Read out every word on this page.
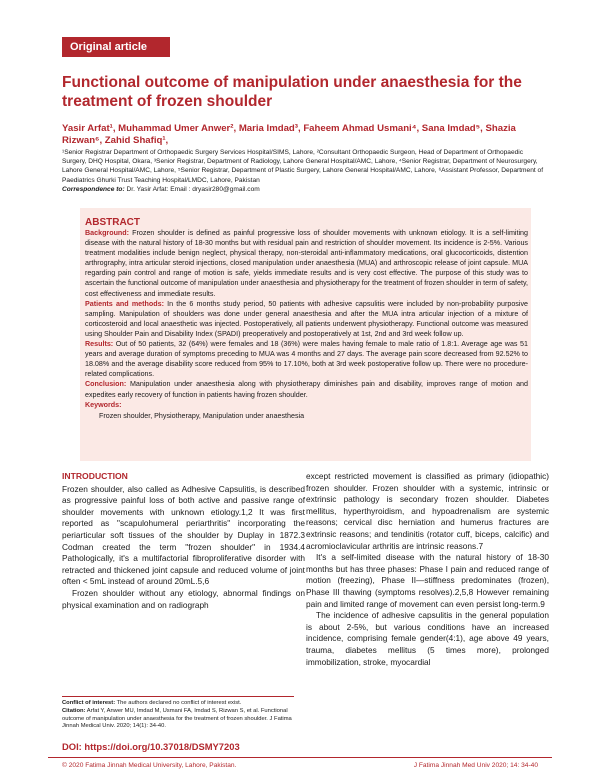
Original article
Functional outcome of manipulation under anaesthesia for the treatment of frozen shoulder
Yasir Arfat¹, Muhammad Umer Anwer², Maria Imdad³, Faheem Ahmad Usmani⁴, Sana Imdad⁵, Shazia Rizwan⁶, Zahid Shafiq¹,
¹Senior Registrar Department of Orthopaedic Surgery Services Hospital/SIMS, Lahore, ²Consultant Orthopaedic Surgeon, Head of Department of Orthopaedic Surgery, DHQ Hospital, Okara, ³Senior Registrar, Department of Radiology, Lahore General Hospital/AMC, Lahore, ⁴Senior Registrar, Department of Neurosurgery, Lahore General Hospital/AMC, Lahore, ⁵Senior Registrar, Department of Plastic Surgery, Lahore General Hospital/AMC, Lahore, ⁶Assistant Professor, Department of Paediatrics Ghurki Trust Teaching Hospital/LMDC, Lahore, Pakistan
Correspondence to: Dr. Yasir Arfat: Email : dryasir280@gmail.com
ABSTRACT

Background: Frozen shoulder is defined as painful progressive loss of shoulder movements with unknown etiology. It is a self-limiting disease with the natural history of 18-30 months but with residual pain and restriction of shoulder movement. Its incidence is 2-5%. Various treatment modalities include benign neglect, physical therapy, non-steroidal anti-inflammatory medications, oral glucocorticoids, distention arthrography, intra articular steroid injections, closed manipulation under anaesthesia (MUA) and arthroscopic release of joint capsule. MUA regarding pain control and range of motion is safe, yields immediate results and is very cost effective. The purpose of this study was to ascertain the functional outcome of manipulation under anaesthesia and physiotherapy for the treatment of frozen shoulder in term of safety, cost effectiveness and immediate results.

Patients and methods: In the 6 months study period, 50 patients with adhesive capsulitis were included by non-probability purposive sampling. Manipulation of shoulders was done under general anaesthesia and after the MUA intra articular injection of a mixture of corticosteroid and local anaesthetic was injected. Postoperatively, all patients underwent physiotherapy. Functional outcome was measured using Shoulder Pain and Disability Index (SPADI) preoperatively and postoperatively at 1st, 2nd and 3rd week follow up.

Results: Out of 50 patients, 32 (64%) were females and 18 (36%) were males having female to male ratio of 1.8:1. Average age was 51 years and average duration of symptoms preceding to MUA was 4 months and 27 days. The average pain score decreased from 92.52% to 18.08% and the average disability score reduced from 95% to 17.10%, both at 3rd week postoperative follow up. There were no procedure-related complications.

Conclusion: Manipulation under anaesthesia along with physiotherapy diminishes pain and disability, improves range of motion and expedites early recovery of function in patients having frozen shoulder.

Keywords:

Frozen shoulder, Physiotherapy, Manipulation under anaesthesia

INTRODUCTION

Frozen shoulder, also called as Adhesive Capsulitis, is described as progressive painful loss of both active and passive range of shoulder movements with unknown etiology.1,2 It was first reported as "scapulohumeral periarthritis" incorporating the periarticular soft tissues of the shoulder by Duplay in 1872.3 Codman created the term "frozen shoulder" in 1934.4 Pathologically, it's a multifactorial fibroproliferative disorder with retracted and thickened joint capsule and reduced volume of joint often < 5mL instead of around 20mL.5,6

Frozen shoulder without any etiology, abnormal findings on physical examination and on radiograph

except restricted movement is classified as primary (idiopathic) frozen shoulder. Frozen shoulder with a systemic, intrinsic or extrinsic pathology is secondary frozen shoulder. Diabetes mellitus, hyperthyroidism, and hypoadrenalism are systemic reasons; cervical disc herniation and humerus fractures are extrinsic reasons; and tendinitis (rotator cuff, biceps, calcific) and acromioclavicular arthritis are intrinsic reasons.7

It's a self-limited disease with the natural history of 18-30 months but has three phases: Phase I pain and reduced range of motion (freezing), Phase II—stiffness predominates (frozen), Phase III thawing (symptoms resolves).2,5,8 However remaining pain and limited range of movement can even persist long-term.9

The incidence of adhesive capsulitis in the general population is about 2-5%, but various conditions have an increased incidence, comprising female gender(4:1), age above 49 years, trauma, diabetes mellitus (5 times more), prolonged immobilization, stroke, myocardial

Conflict of interest: The authors declared no conflict of interest exist.
Citation: Arfat Y, Anwer MU, Imdad M, Usmani FA, Imdad S, Rizwan S, et al. Functional outcome of manipulation under anaesthesia for the treatment of frozen shoulder. J Fatima Jinnah Medical Univ. 2020; 14(1): 34-40.
DOI: https://doi.org/10.37018/DSMY7203
© 2020 Fatima Jinnah Medical University, Lahore, Pakistan.	J Fatima Jinnah Med Univ 2020; 14: 34-40
